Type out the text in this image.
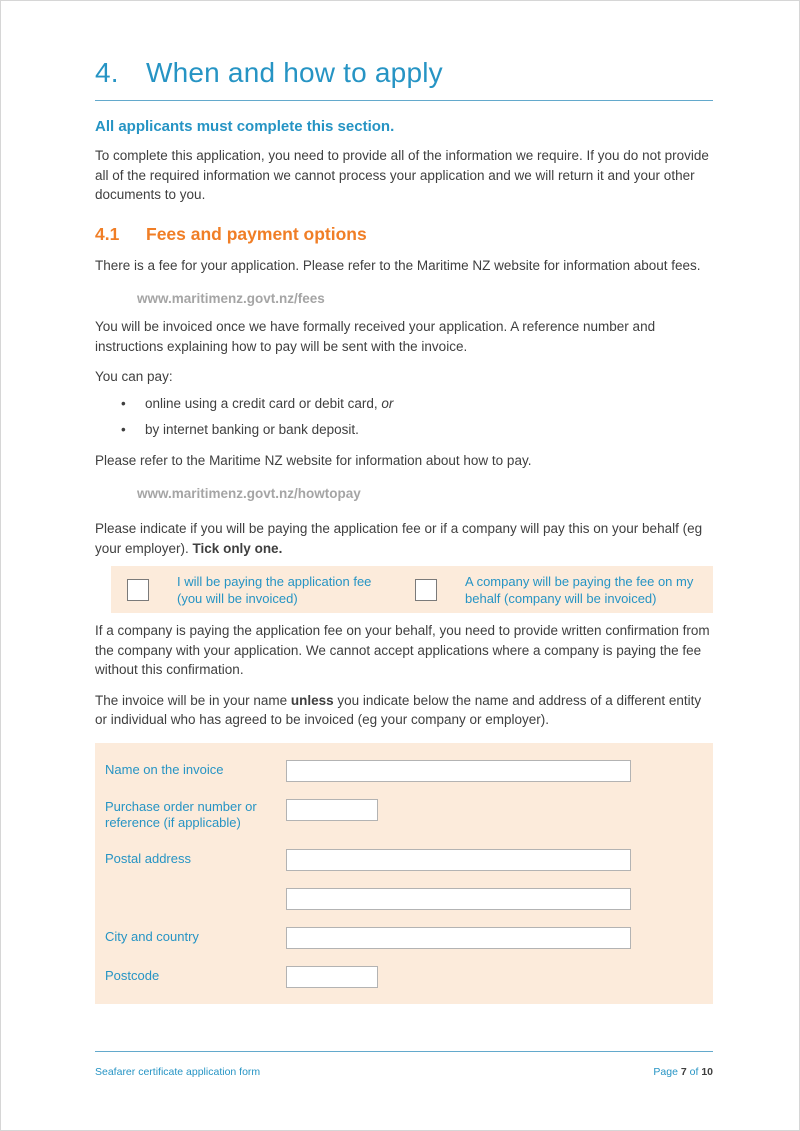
4. When and how to apply

All applicants must complete this section.

To complete this application, you need to provide all of the information we require. If you do not provide all of the required information we cannot process your application and we will return it and your other documents to you.

4.1 Fees and payment options

There is a fee for your application. Please refer to the Maritime NZ website for information about fees.

www.maritimenz.govt.nz/fees

You will be invoiced once we have formally received your application. A reference number and instructions explaining how to pay will be sent with the invoice.

You can pay:

• online using a credit card or debit card, or
• by internet banking or bank deposit.

Please refer to the Maritime NZ website for information about how to pay.

www.maritimenz.govt.nz/howtopay

Please indicate if you will be paying the application fee or if a company will pay this on your behalf (eg your employer). Tick only one.

I will be paying the application fee (you will be invoiced)
A company will be paying the fee on my behalf (company will be invoiced)

If a company is paying the application fee on your behalf, you need to provide written confirmation from the company with your application. We cannot accept applications where a company is paying the fee without this confirmation.

The invoice will be in your name unless you indicate below the name and address of a different entity or individual who has agreed to be invoiced (eg your company or employer).

Name on the invoice
Purchase order number or reference (if applicable)
Postal address
City and country
Postcode
Seafarer certificate application form	Page 7 of 10
